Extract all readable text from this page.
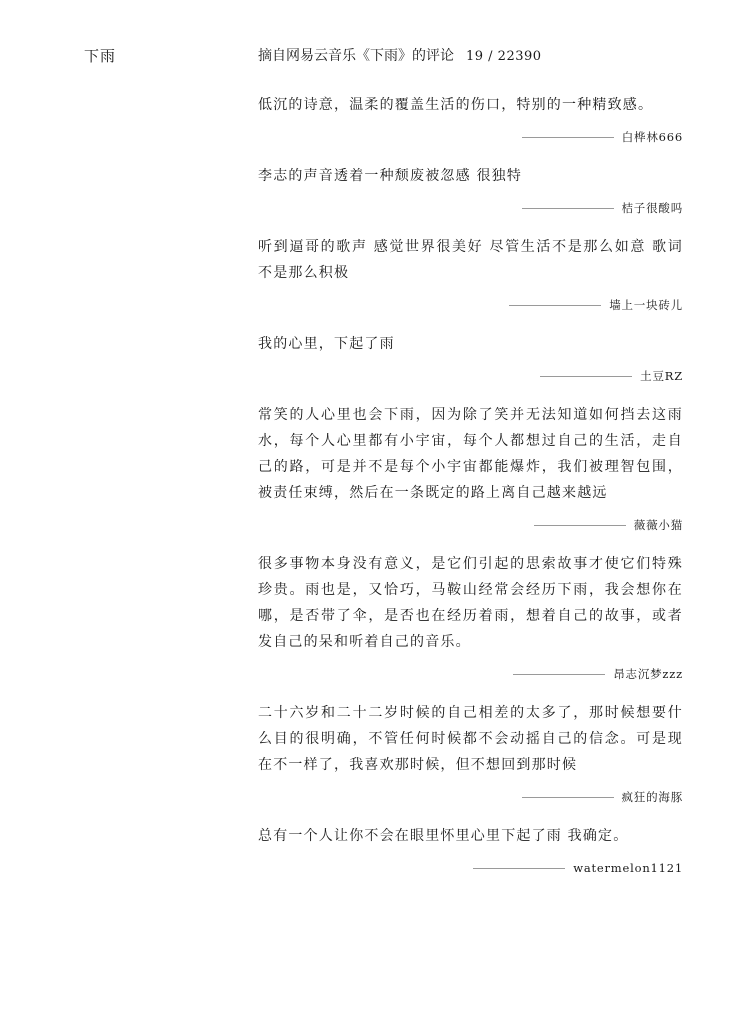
下雨	摘自网易云音乐《下雨》的评论 19 / 22390

低沉的诗意，温柔的覆盖生活的伤口，特别的一种精致感。

白桦林666

李志的声音透着一种颓废被忽感 很独特

桔子很酸吗

听到逼哥的歌声 感觉世界很美好 尽管生活不是那么如意 歌词不是那么积极

墙上一块砖儿

我的心里，下起了雨

土豆RZ

常笑的人心里也会下雨，因为除了笑并无法知道如何挡去这雨水，每个人心里都有小宇宙，每个人都想过自己的生活，走自己的路，可是并不是每个小宇宙都能爆炸，我们被理智包围，被责任束缚，然后在一条既定的路上离自己越来越远

薇薇小猫

很多事物本身没有意义，是它们引起的思索故事才使它们特殊珍贵。雨也是，又恰巧，马鞍山经常会经历下雨，我会想你在哪，是否带了伞，是否也在经历着雨，想着自己的故事，或者发自己的呆和听着自己的音乐。

昂志沉梦zzz

二十六岁和二十二岁时候的自己相差的太多了，那时候想要什么目的很明确，不管任何时候都不会动摇自己的信念。可是现在不一样了，我喜欢那时候，但不想回到那时候

疯狂的海豚

总有一个人让你不会在眼里怀里心里下起了雨 我确定。

watermelon1121
